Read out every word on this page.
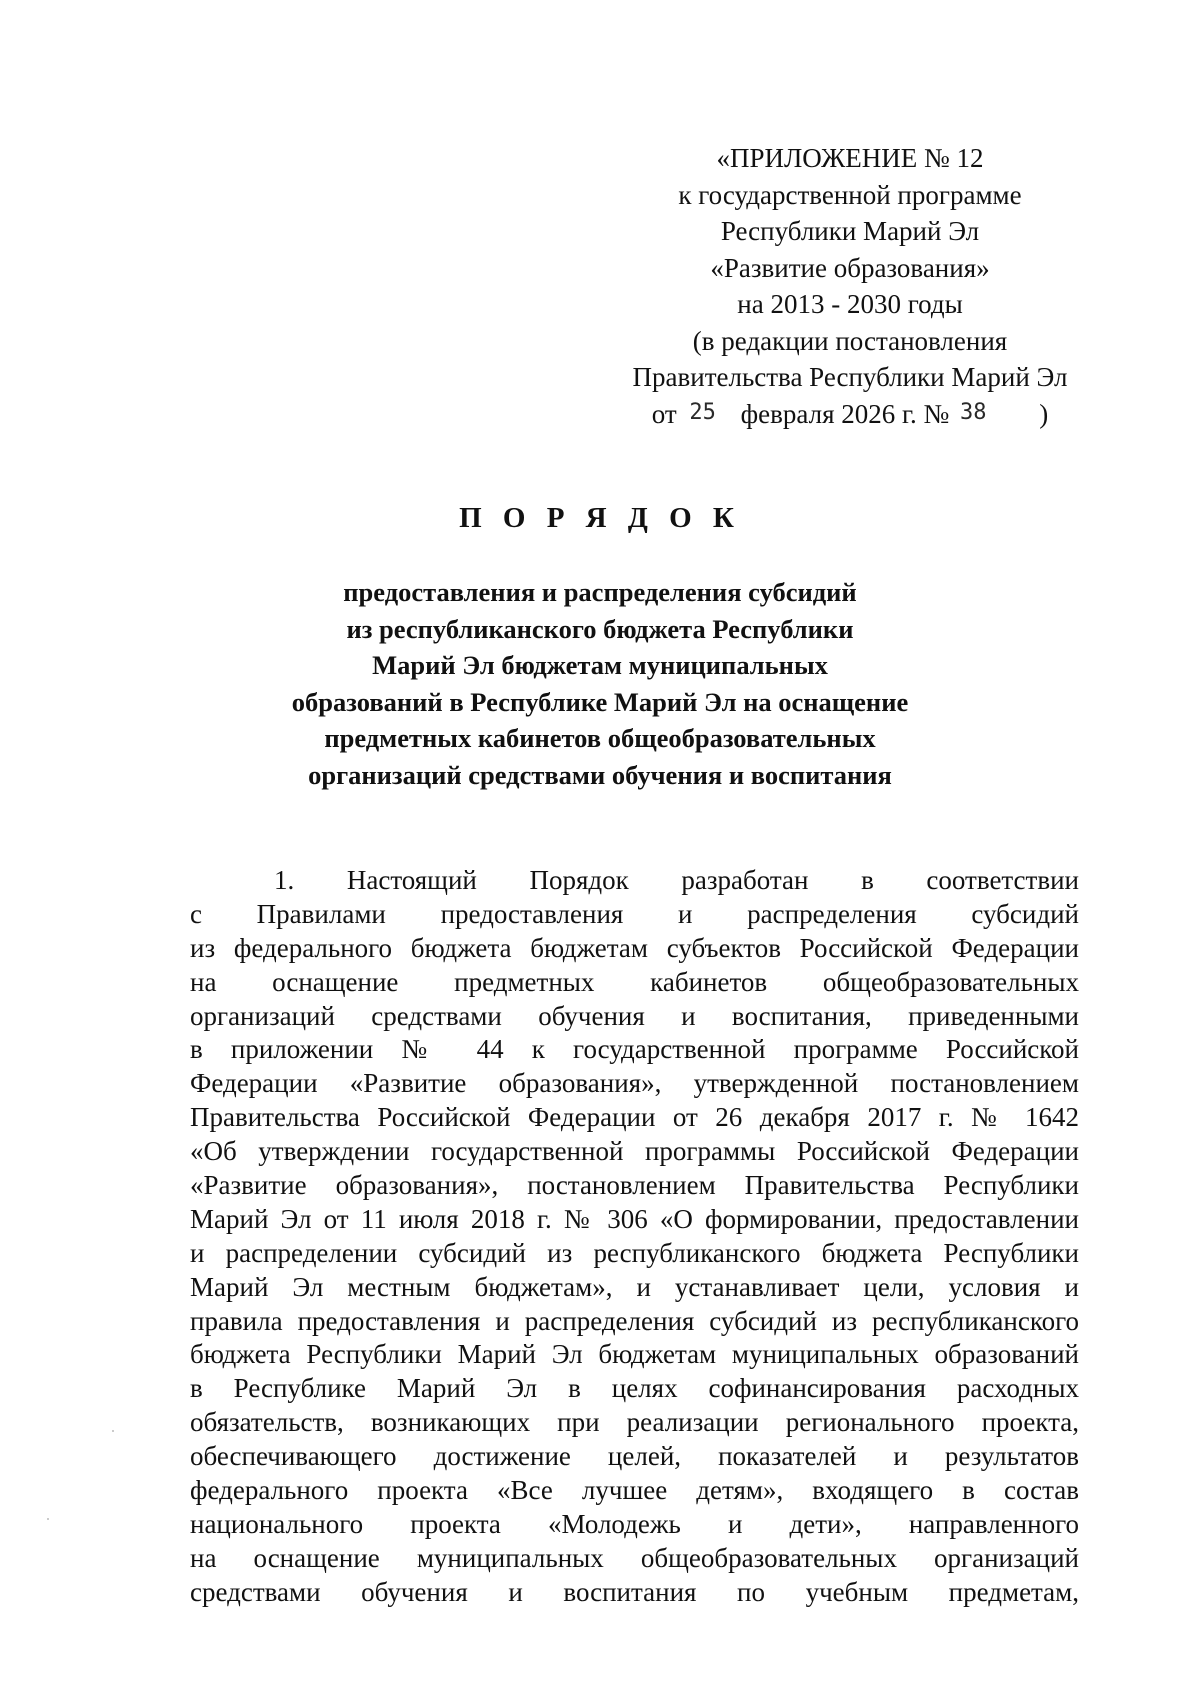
«ПРИЛОЖЕНИЕ № 12
к государственной программе
Республики Марий Эл
«Развитие образования»
на 2013 - 2030 годы
(в редакции постановления
Правительства Республики Марий Эл
от 25 февраля 2026 г. № 38 )
П О Р Я Д О К
предоставления и распределения субсидий
из республиканского бюджета Республики
Марий Эл бюджетам муниципальных
образований в Республике Марий Эл на оснащение
предметных кабинетов общеобразовательных
организаций средствами обучения и воспитания
1. Настоящий Порядок разработан в соответствии
с Правилами предоставления и распределения субсидий
из федерального бюджета бюджетам субъектов Российской Федерации
на оснащение предметных кабинетов общеобразовательных
организаций средствами обучения и воспитания, приведенными
в приложении № 44 к государственной программе Российской
Федерации «Развитие образования», утвержденной постановлением
Правительства Российской Федерации от 26 декабря 2017 г. № 1642
«Об утверждении государственной программы Российской Федерации
«Развитие образования», постановлением Правительства Республики
Марий Эл от 11 июля 2018 г. № 306 «О формировании, предоставлении
и распределении субсидий из республиканского бюджета Республики
Марий Эл местным бюджетам», и устанавливает цели, условия и
правила предоставления и распределения субсидий из республиканского
бюджета Республики Марий Эл бюджетам муниципальных образований
в Республике Марий Эл в целях софинансирования расходных
обязательств, возникающих при реализации регионального проекта,
обеспечивающего достижение целей, показателей и результатов
федерального проекта «Все лучшее детям», входящего в состав
национального проекта «Молодежь и дети», направленного
на оснащение муниципальных общеобразовательных организаций
средствами обучения и воспитания по учебным предметам,
